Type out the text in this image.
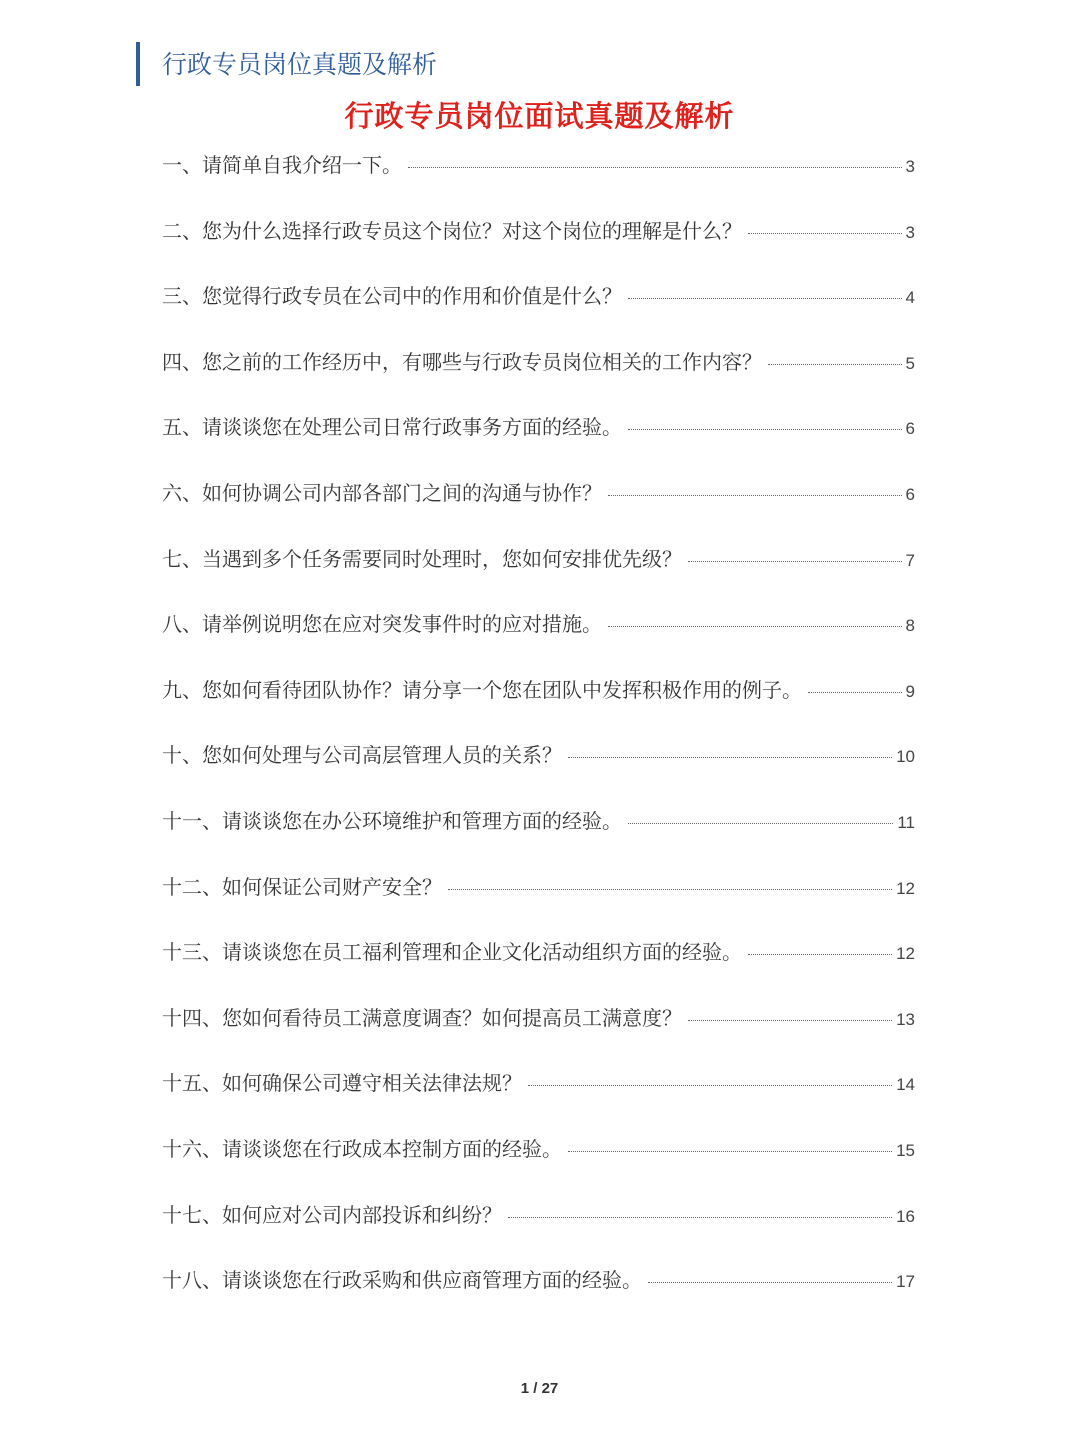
行政专员岗位真题及解析
行政专员岗位面试真题及解析
一、请简单自我介绍一下。	3
二、您为什么选择行政专员这个岗位？对这个岗位的理解是什么？	3
三、您觉得行政专员在公司中的作用和价值是什么？	4
四、您之前的工作经历中，有哪些与行政专员岗位相关的工作内容？	5
五、请谈谈您在处理公司日常行政事务方面的经验。	6
六、如何协调公司内部各部门之间的沟通与协作？	6
七、当遇到多个任务需要同时处理时，您如何安排优先级？	7
八、请举例说明您在应对突发事件时的应对措施。	8
九、您如何看待团队协作？请分享一个您在团队中发挥积极作用的例子。	9
十、您如何处理与公司高层管理人员的关系？	10
十一、请谈谈您在办公环境维护和管理方面的经验。	11
十二、如何保证公司财产安全？	12
十三、请谈谈您在员工福利管理和企业文化活动组织方面的经验。	12
十四、您如何看待员工满意度调查？如何提高员工满意度？	13
十五、如何确保公司遵守相关法律法规？	14
十六、请谈谈您在行政成本控制方面的经验。	15
十七、如何应对公司内部投诉和纠纷？	16
十八、请谈谈您在行政采购和供应商管理方面的经验。	17
1 / 27
